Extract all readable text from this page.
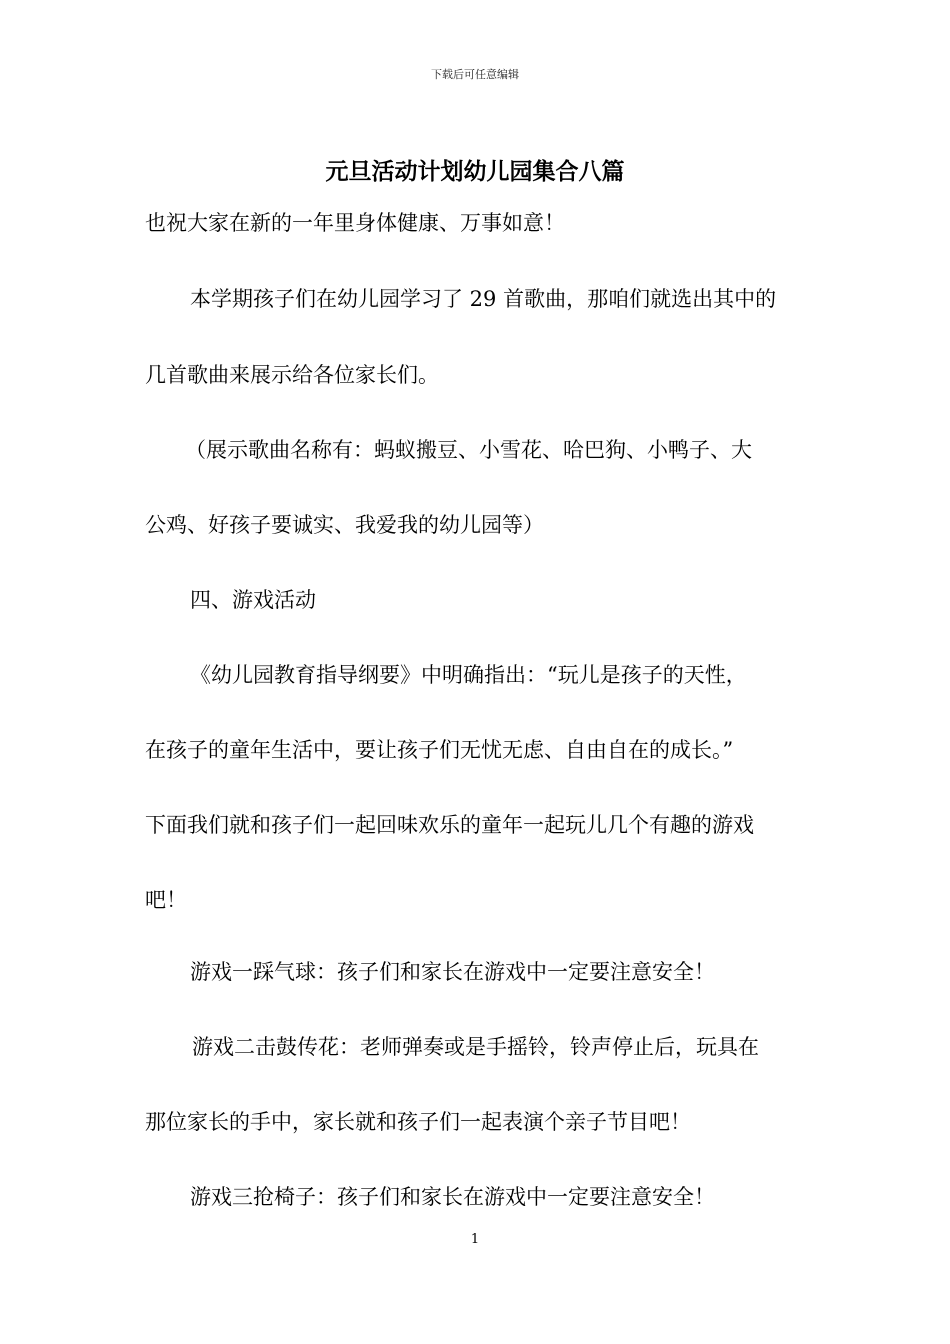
下载后可任意编辑
元旦活动计划幼儿园集合八篇
也祝大家在新的一年里身体健康、万事如意！
本学期孩子们在幼儿园学习了 29 首歌曲，那咱们就选出其中的
几首歌曲来展示给各位家长们。
（展示歌曲名称有：蚂蚁搬豆、小雪花、哈巴狗、小鸭子、大
公鸡、好孩子要诚实、我爱我的幼儿园等）
四、游戏活动
《幼儿园教育指导纲要》中明确指出：“玩儿是孩子的天性，
在孩子的童年生活中，要让孩子们无忧无虑、自由自在的成长。”
下面我们就和孩子们一起回味欢乐的童年一起玩儿几个有趣的游戏
吧！
游戏一踩气球：孩子们和家长在游戏中一定要注意安全！
游戏二击鼓传花：老师弹奏或是手摇铃，铃声停止后，玩具在
那位家长的手中，家长就和孩子们一起表演个亲子节目吧！
游戏三抢椅子：孩子们和家长在游戏中一定要注意安全！
1
